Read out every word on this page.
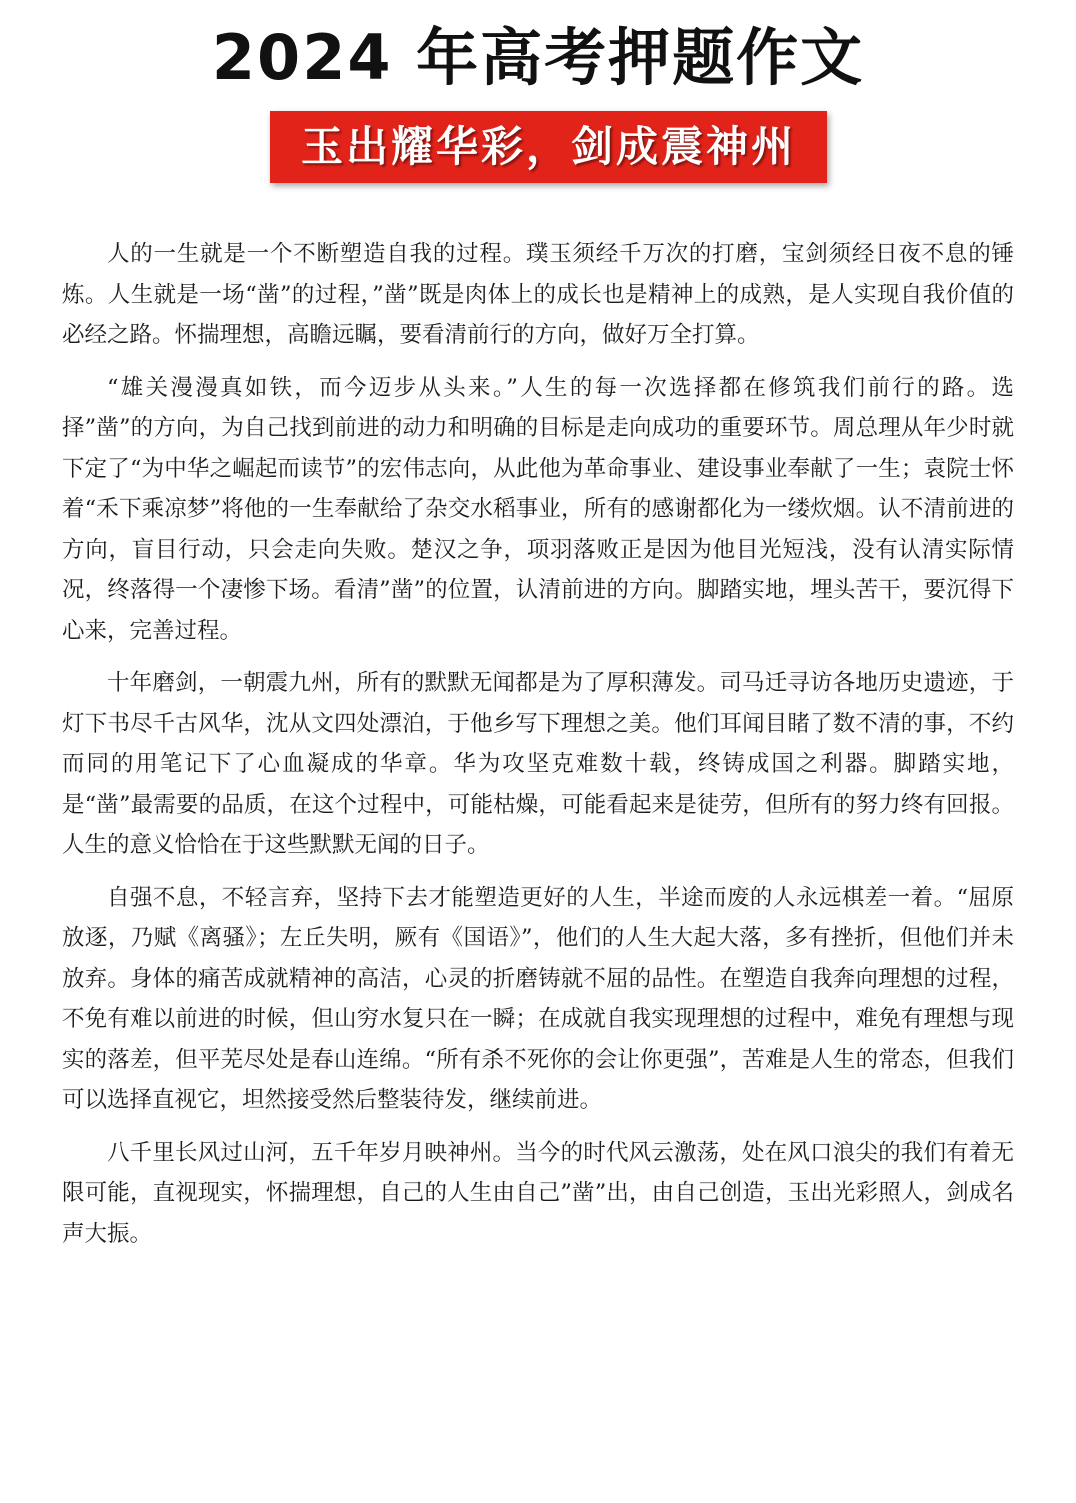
2024 年高考押题作文
玉出耀华彩，剑成震神州

人的一生就是一个不断塑造自我的过程。璞玉须经千万次的打磨，宝剑须经日夜不息的锤炼。人生就是一场“凿”的过程，”凿”既是肉体上的成长也是精神上的成熟，是人实现自我价值的必经之路。怀揣理想，高瞻远瞩，要看清前行的方向，做好万全打算。

“雄关漫漫真如铁，而今迈步从头来。”人生的每一次选择都在修筑我们前行的路。选择”凿”的方向，为自己找到前进的动力和明确的目标是走向成功的重要环节。周总理从年少时就下定了“为中华之崛起而读节”的宏伟志向，从此他为革命事业、建设事业奉献了一生；袁院士怀着“禾下乘凉梦”将他的一生奉献给了杂交水稻事业，所有的感谢都化为一缕炊烟。认不清前进的方向，盲目行动，只会走向失败。楚汉之争，项羽落败正是因为他目光短浅，没有认清实际情况，终落得一个凄惨下场。看清”凿”的位置，认清前进的方向。脚踏实地，埋头苦干，要沉得下心来，完善过程。

十年磨剑，一朝震九州，所有的默默无闻都是为了厚积薄发。司马迁寻访各地历史遗迹，于灯下书尽千古风华，沈从文四处漂泊，于他乡写下理想之美。他们耳闻目睹了数不清的事，不约而同的用笔记下了心血凝成的华章。华为攻坚克难数十载，终铸成国之利器。脚踏实地，是“凿”最需要的品质，在这个过程中，可能枯燥，可能看起来是徒劳，但所有的努力终有回报。人生的意义恰恰在于这些默默无闻的日子。

自强不息，不轻言弃，坚持下去才能塑造更好的人生，半途而废的人永远棋差一着。“屈原放逐，乃赋《离骚》；左丘失明，厥有《国语》”，他们的人生大起大落，多有挫折，但他们并未放弃。身体的痛苦成就精神的高洁，心灵的折磨铸就不屈的品性。在塑造自我奔向理想的过程，不免有难以前进的时候，但山穷水复只在一瞬；在成就自我实现理想的过程中，难免有理想与现实的落差，但平芜尽处是春山连绵。“所有杀不死你的会让你更强”，苦难是人生的常态，但我们可以选择直视它，坦然接受然后整装待发，继续前进。

八千里长风过山河，五千年岁月映神州。当今的时代风云激荡，处在风口浪尖的我们有着无限可能，直视现实，怀揣理想，自己的人生由自己”凿”出，由自己创造，玉出光彩照人，剑成名声大振。
